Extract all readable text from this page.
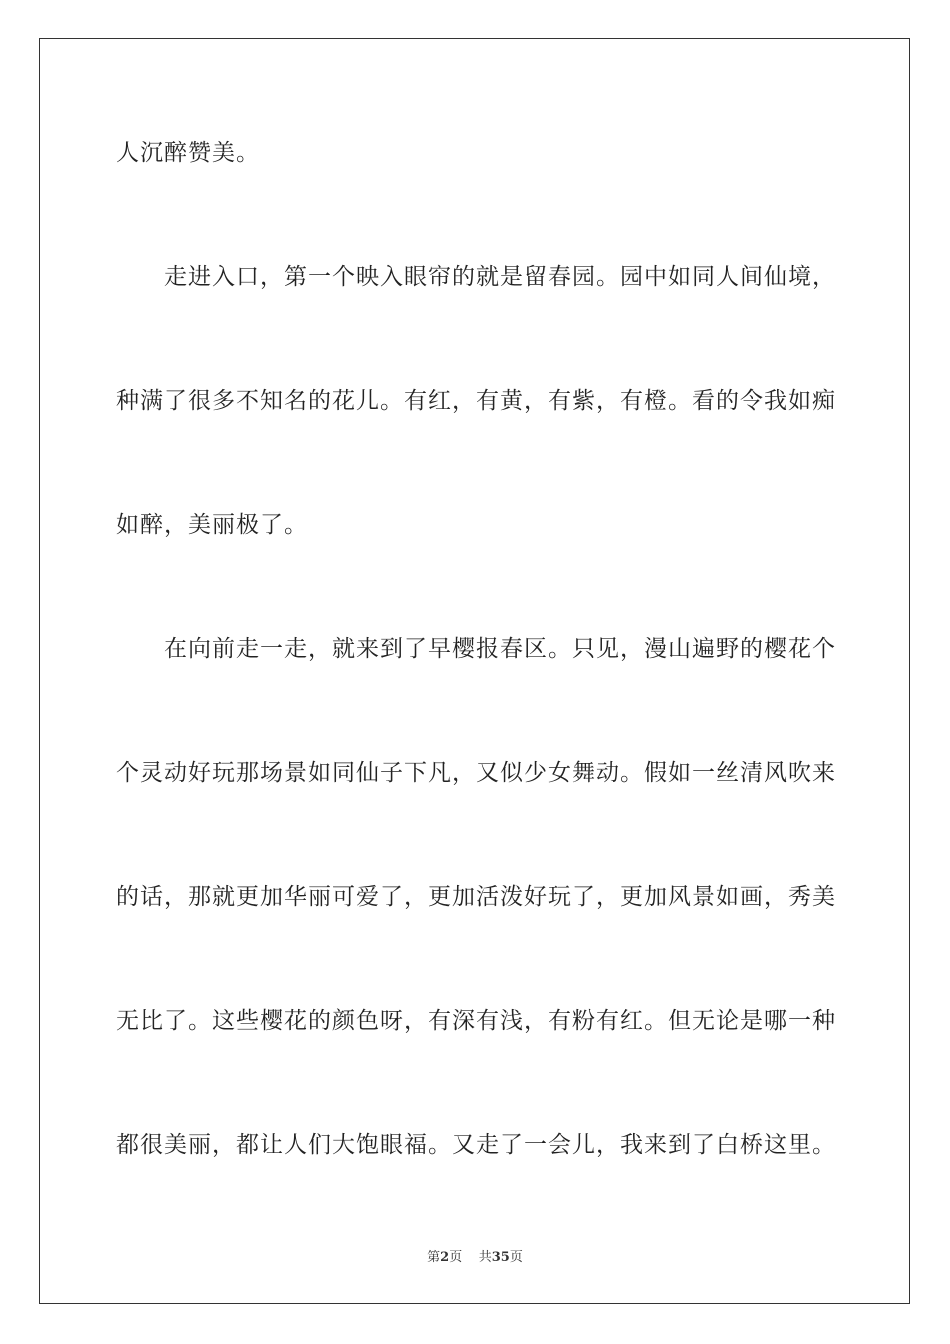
人沉醉赞美。
　　走进入口，第一个映入眼帘的就是留春园。园中如同人间仙境，
种满了很多不知名的花儿。有红，有黄，有紫，有橙。看的令我如痴
如醉，美丽极了。
　　在向前走一走，就来到了早樱报春区。只见，漫山遍野的樱花个
个灵动好玩那场景如同仙子下凡，又似少女舞动。假如一丝清风吹来
的话，那就更加华丽可爱了，更加活泼好玩了，更加风景如画，秀美
无比了。这些樱花的颜色呀，有深有浅，有粉有红。但无论是哪一种
都很美丽，都让人们大饱眼福。又走了一会儿，我来到了白桥这里。
第2页 共35页
